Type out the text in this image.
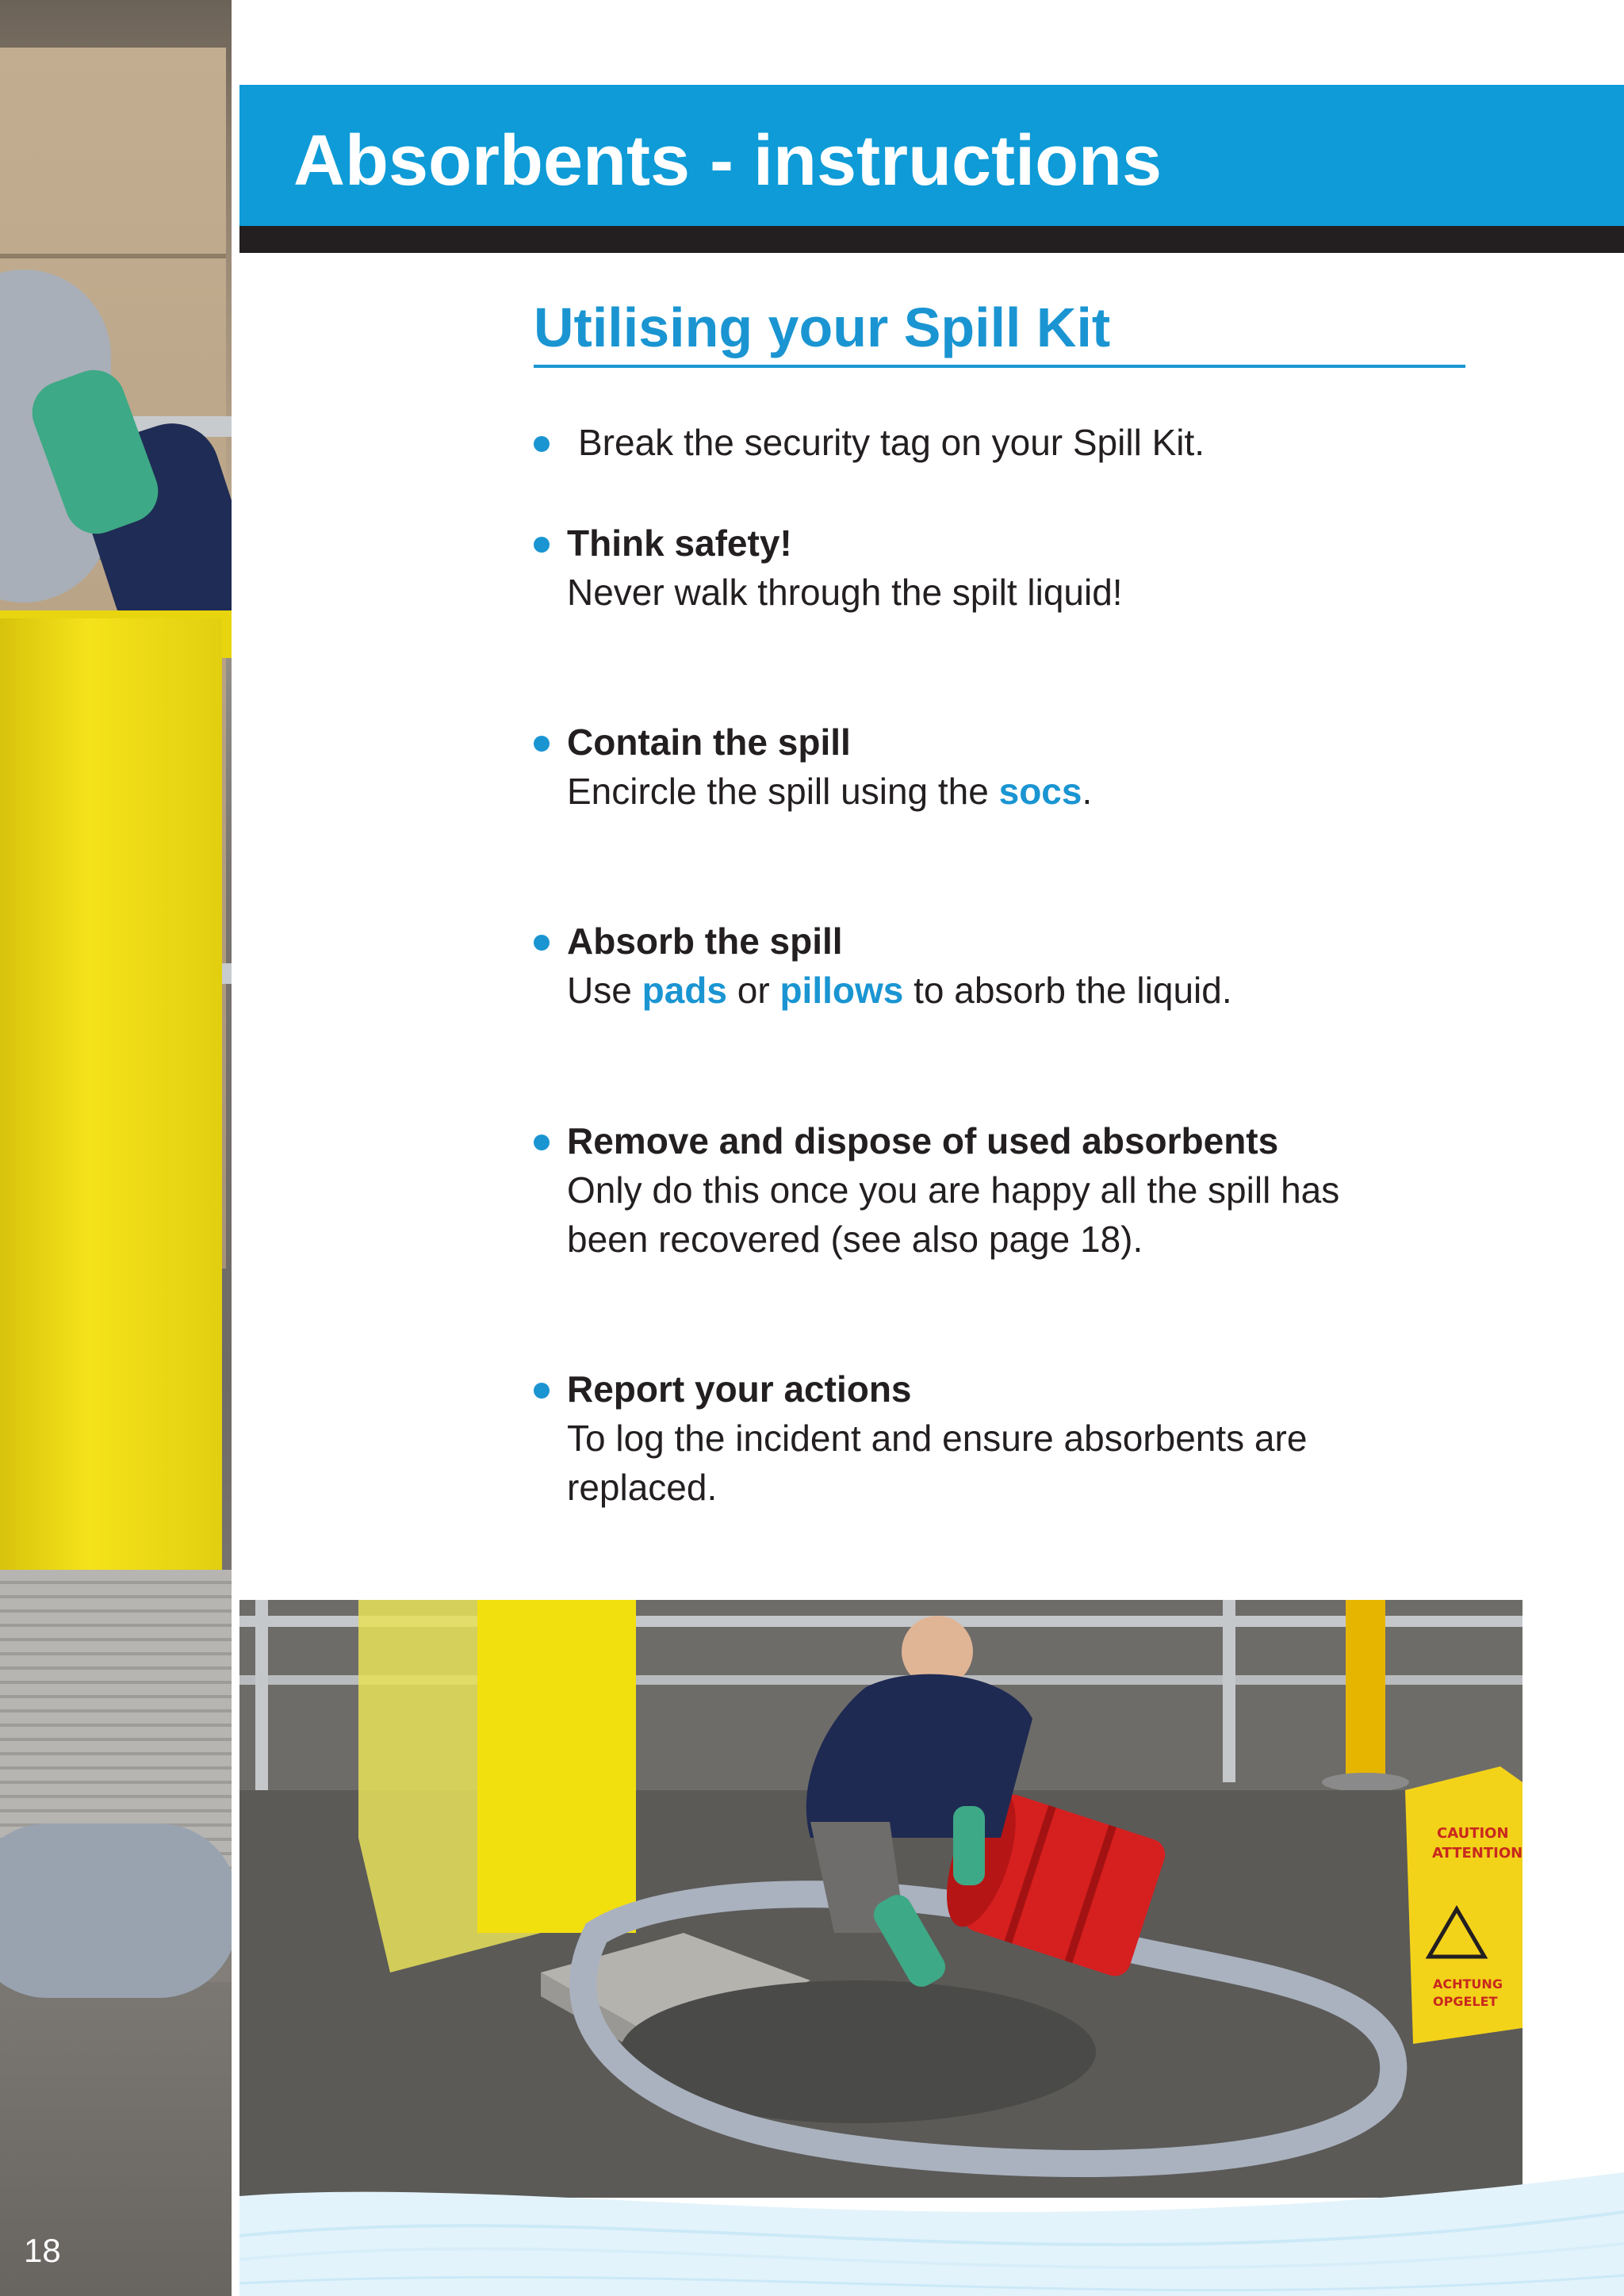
18
Absorbents - instructions
Utilising your Spill Kit
Break the security tag on your Spill Kit.
Think safety!
Never walk through the spilt liquid!
Contain the spill
Encircle the spill using the socs.
Absorb the spill
Use pads or pillows to absorb the liquid.
Remove and dispose of used absorbents
Only do this once you are happy all the spill has been recovered (see also page 18).
Report your actions
To log the incident and ensure absorbents are replaced.
CAUTION
ATTENTION
ACHTUNG
OPGELET
